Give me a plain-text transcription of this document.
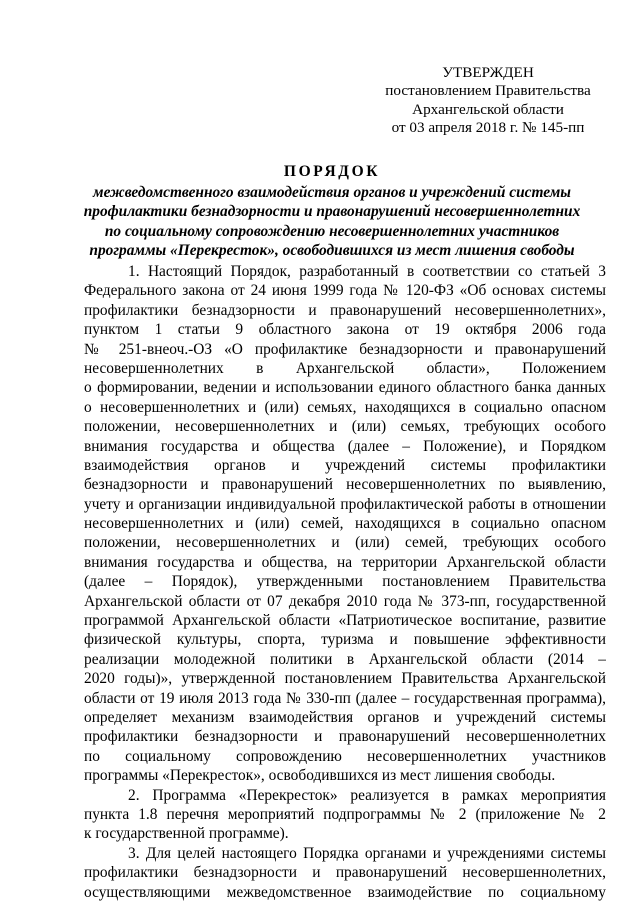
УТВЕРЖДЕН
постановлением Правительства
Архангельской области
от 03 апреля 2018 г. № 145-пп
ПОРЯДОК
межведомственного взаимодействия органов и учреждений системы
профилактики безнадзорности и правонарушений несовершеннолетних
по социальному сопровождению несовершеннолетних участников
программы «Перекресток», освободившихся из мест лишения свободы
1. Настоящий Порядок, разработанный в соответствии со статьей 3
Федерального закона от 24 июня 1999 года № 120-ФЗ «Об основах системы
профилактики безнадзорности и правонарушений несовершеннолетних»,
пунктом 1 статьи 9 областного закона от 19 октября 2006 года
№ 251-внеоч.-ОЗ «О профилактике безнадзорности и правонарушений
несовершеннолетних в Архангельской области», Положением
о формировании, ведении и использовании единого областного банка данных
о несовершеннолетних и (или) семьях, находящихся в социально опасном
положении, несовершеннолетних и (или) семьях, требующих особого
внимания государства и общества (далее – Положение), и Порядком
взаимодействия органов и учреждений системы профилактики
безнадзорности и правонарушений несовершеннолетних по выявлению,
учету и организации индивидуальной профилактической работы в отношении
несовершеннолетних и (или) семей, находящихся в социально опасном
положении, несовершеннолетних и (или) семей, требующих особого
внимания государства и общества, на территории Архангельской области
(далее – Порядок), утвержденными постановлением Правительства
Архангельской области от 07 декабря 2010 года № 373-пп, государственной
программой Архангельской области «Патриотическое воспитание, развитие
физической культуры, спорта, туризма и повышение эффективности
реализации молодежной политики в Архангельской области (2014 –
2020 годы)», утвержденной постановлением Правительства Архангельской
области от 19 июля 2013 года № 330-пп (далее – государственная программа),
определяет механизм взаимодействия органов и учреждений системы
профилактики безнадзорности и правонарушений несовершеннолетних
по социальному сопровождению несовершеннолетних участников
программы «Перекресток», освободившихся из мест лишения свободы.
2. Программа «Перекресток» реализуется в рамках мероприятия
пункта 1.8 перечня мероприятий подпрограммы № 2 (приложение № 2
к государственной программе).
3. Для целей настоящего Порядка органами и учреждениями системы
профилактики безнадзорности и правонарушений несовершеннолетних,
осуществляющими межведомственное взаимодействие по социальному
